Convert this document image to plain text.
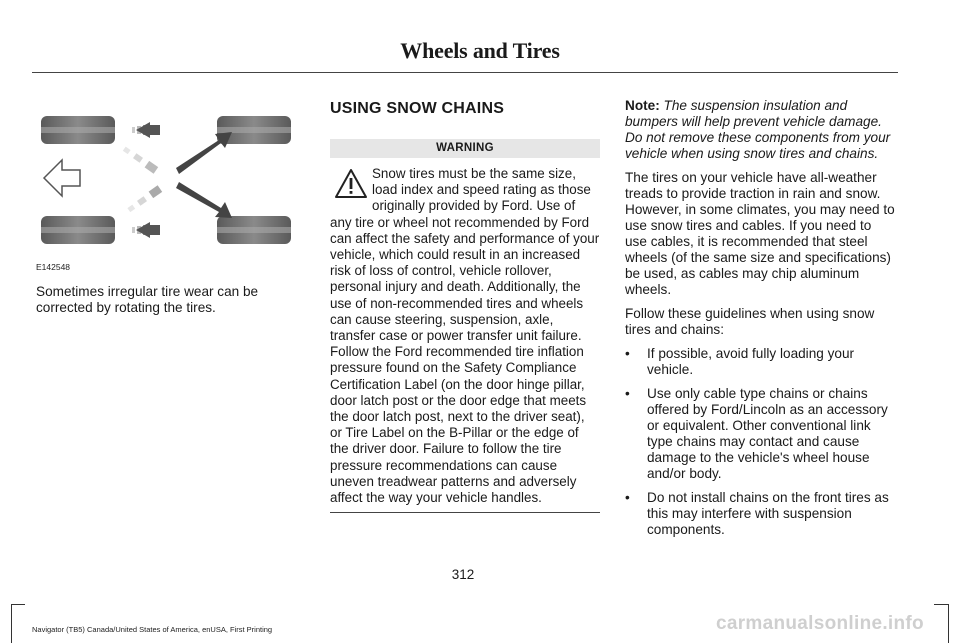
Wheels and Tires
E142548

Sometimes irregular tire wear can be corrected by rotating the tires.

USING SNOW CHAINS
WARNING
Snow tires must be the same size, load index and speed rating as those originally provided by Ford. Use of any tire or wheel not recommended by Ford can affect the safety and performance of your vehicle, which could result in an increased risk of loss of control, vehicle rollover, personal injury and death. Additionally, the use of non-recommended tires and wheels can cause steering, suspension, axle, transfer case or power transfer unit failure. Follow the Ford recommended tire inflation pressure found on the Safety Compliance Certification Label (on the door hinge pillar, door latch post or the door edge that meets the door latch post, next to the driver seat), or Tire Label on the B-Pillar or the edge of the driver door. Failure to follow the tire pressure recommendations can cause uneven treadwear patterns and adversely affect the way your vehicle handles.

Note: The suspension insulation and bumpers will help prevent vehicle damage. Do not remove these components from your vehicle when using snow tires and chains.

The tires on your vehicle have all-weather treads to provide traction in rain and snow. However, in some climates, you may need to use snow tires and cables. If you need to use cables, it is recommended that steel wheels (of the same size and specifications) be used, as cables may chip aluminum wheels.

Follow these guidelines when using snow tires and chains:

• If possible, avoid fully loading your vehicle.
• Use only cable type chains or chains offered by Ford/Lincoln as an accessory or equivalent. Other conventional link type chains may contact and cause damage to the vehicle's wheel house and/or body.
• Do not install chains on the front tires as this may interfere with suspension components.
312
Navigator (TB5) Canada/United States of America, enUSA, First Printing	carmanualsonline.info
